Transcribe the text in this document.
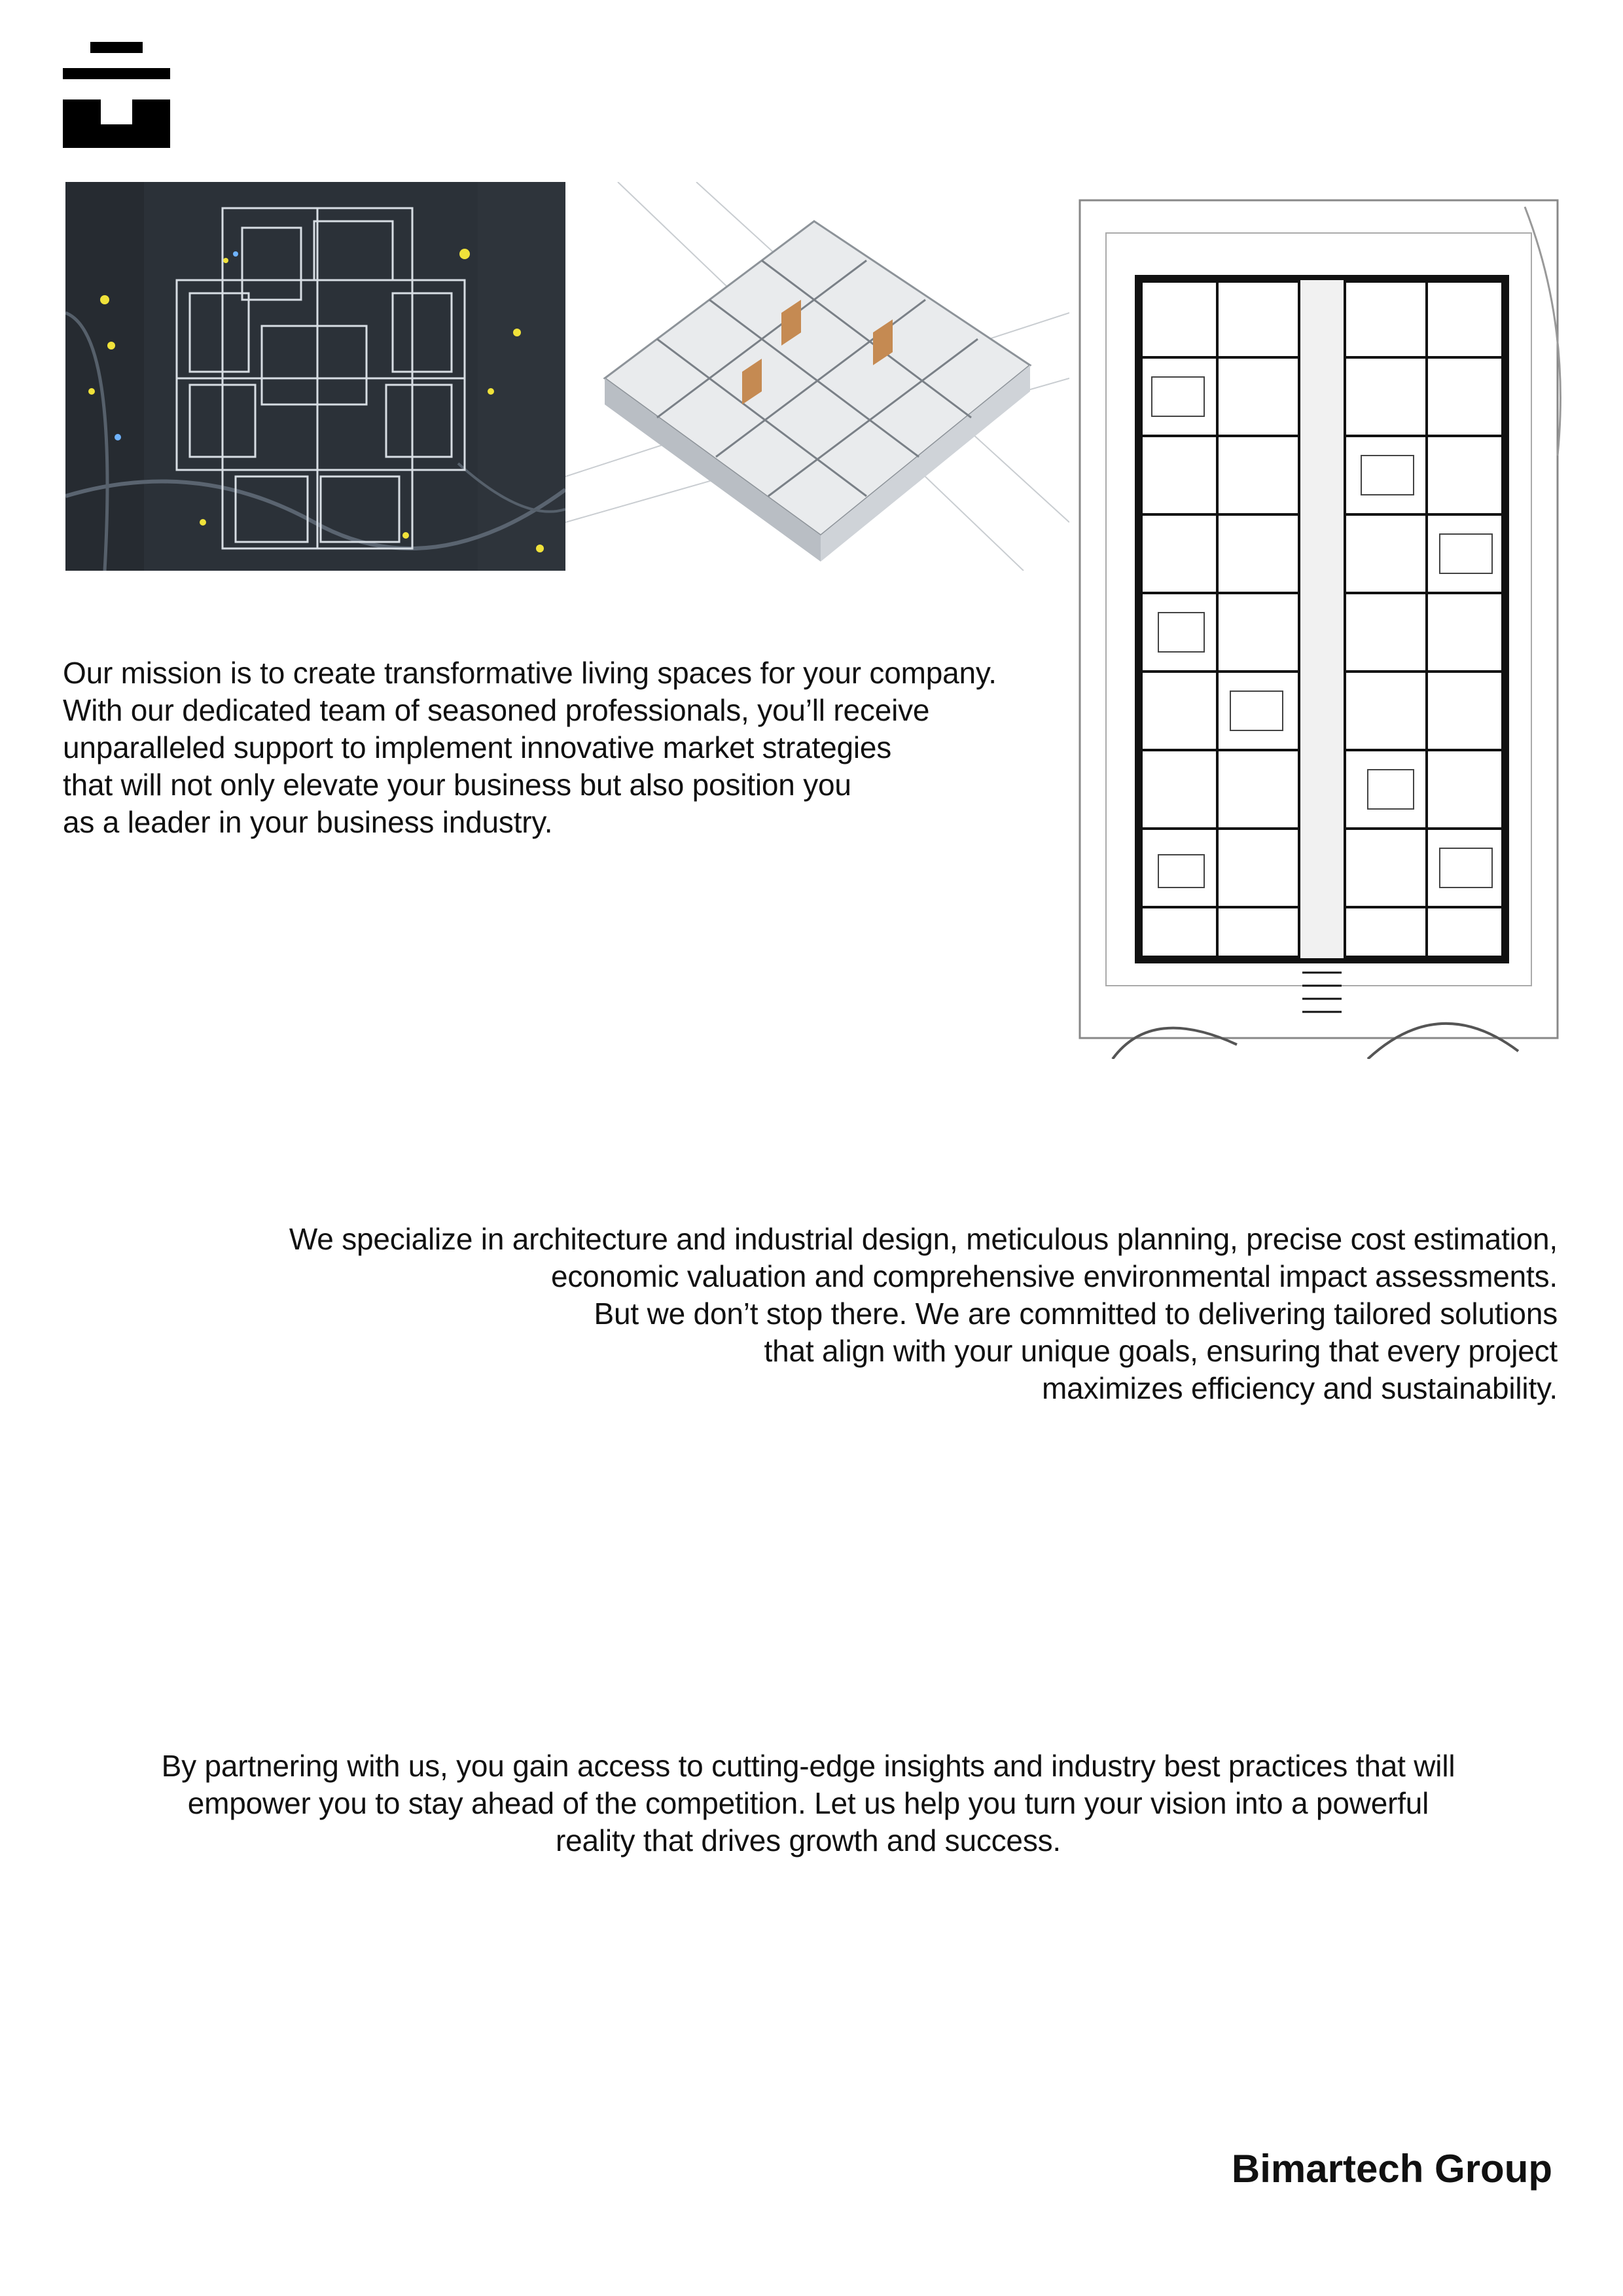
Our mission is to create transformative living spaces for your company.
With our dedicated team of seasoned professionals, you’ll receive
unparalleled support to implement innovative market strategies
that will not only elevate your business but also position you
as a leader in your business industry.
We specialize in architecture and industrial design, meticulous planning, precise cost estimation,
economic valuation and comprehensive environmental impact assessments.
But we don’t stop there. We are committed to delivering tailored solutions
that align with your unique goals, ensuring that every project
maximizes efficiency and sustainability.
By partnering with us, you gain access to cutting-edge insights and industry best practices that will
empower you to stay ahead of the competition. Let us help you turn your vision into a powerful
reality that drives growth and success.
Bimartech Group
